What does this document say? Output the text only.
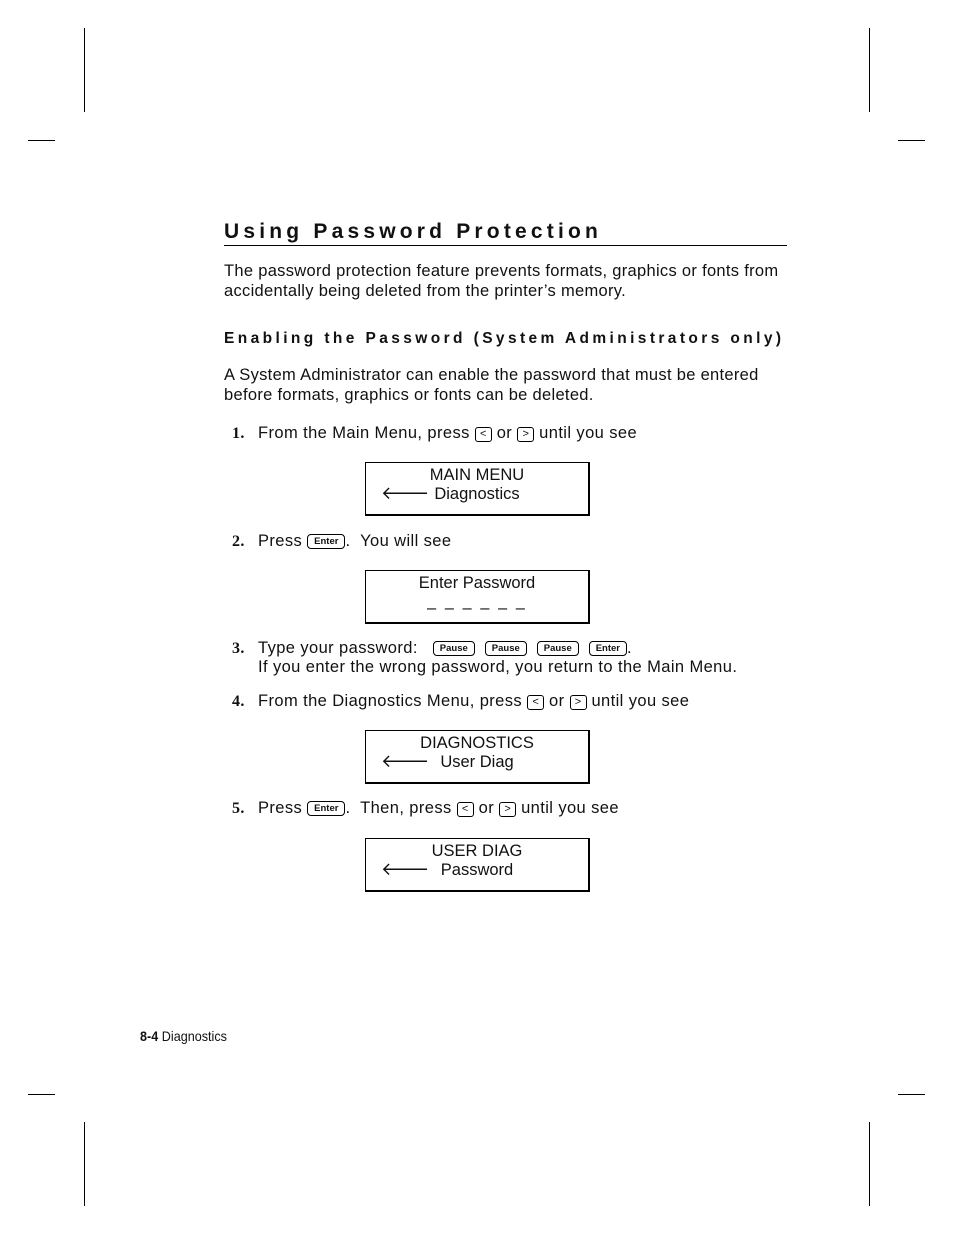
Using Password Protection
The password protection feature prevents formats, graphics or fonts from accidentally being deleted from the printer’s memory.
Enabling the Password (System Administrators only)
A System Administrator can enable the password that must be entered before formats, graphics or fonts can be deleted.
1. From the Main Menu, press < or > until you see
MAIN MENU
🡐 Diagnostics
2. Press Enter .  You will see
Enter Password
– – – – – –
3. Type your password: Pause	Pause	Pause	Enter .
If you enter the wrong password, you return to the Main Menu.
4. From the Diagnostics Menu, press < or > until you see
DIAGNOSTICS
🡐 User Diag
5. Press Enter .  Then, press < or > until you see
USER DIAG
🡐 Password
8-4 Diagnostics
